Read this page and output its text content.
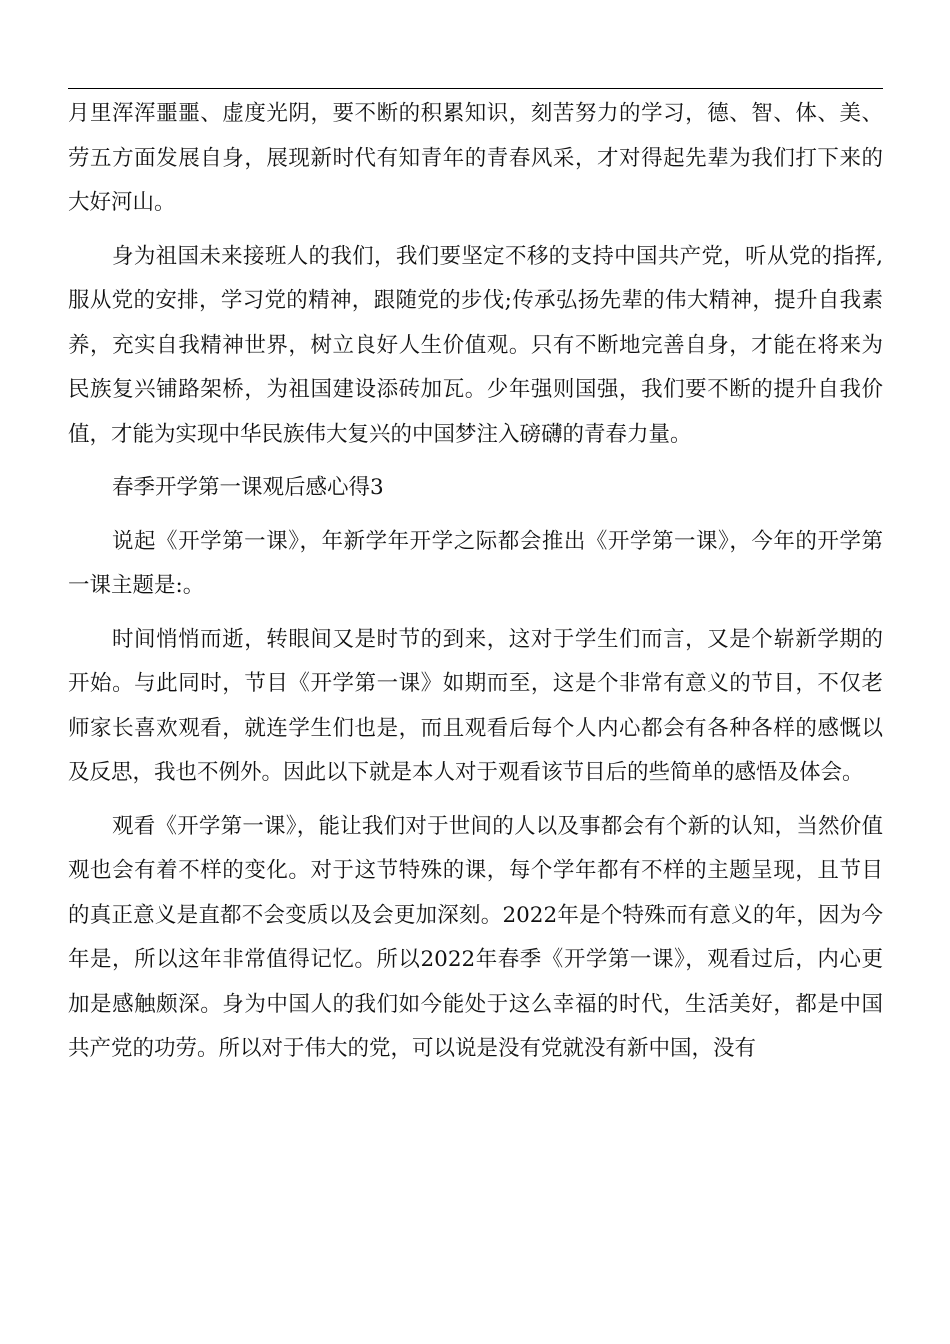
月里浑浑噩噩、虚度光阴，要不断的积累知识，刻苦努力的学习，德、智、体、美、劳五方面发展自身，展现新时代有知青年的青春风采，才对得起先辈为我们打下来的大好河山。

身为祖国未来接班人的我们，我们要坚定不移的支持中国共产党，听从党的指挥,服从党的安排，学习党的精神，跟随党的步伐;传承弘扬先辈的伟大精神，提升自我素养，充实自我精神世界，树立良好人生价值观。只有不断地完善自身，才能在将来为民族复兴铺路架桥，为祖国建设添砖加瓦。少年强则国强，我们要不断的提升自我价值，才能为实现中华民族伟大复兴的中国梦注入磅礴的青春力量。

春季开学第一课观后感心得3

说起《开学第一课》，年新学年开学之际都会推出《开学第一课》，今年的开学第一课主题是:。

时间悄悄而逝，转眼间又是时节的到来，这对于学生们而言，又是个崭新学期的开始。与此同时，节目《开学第一课》如期而至，这是个非常有意义的节目，不仅老师家长喜欢观看，就连学生们也是，而且观看后每个人内心都会有各种各样的感慨以及反思，我也不例外。因此以下就是本人对于观看该节目后的些简单的感悟及体会。

观看《开学第一课》，能让我们对于世间的人以及事都会有个新的认知，当然价值观也会有着不样的变化。对于这节特殊的课，每个学年都有不样的主题呈现，且节目的真正意义是直都不会变质以及会更加深刻。2022年是个特殊而有意义的年，因为今年是，所以这年非常值得记忆。所以2022年春季《开学第一课》，观看过后，内心更加是感触颇深。身为中国人的我们如今能处于这么幸福的时代，生活美好，都是中国共产党的功劳。所以对于伟大的党，可以说是没有党就没有新中国，没有
